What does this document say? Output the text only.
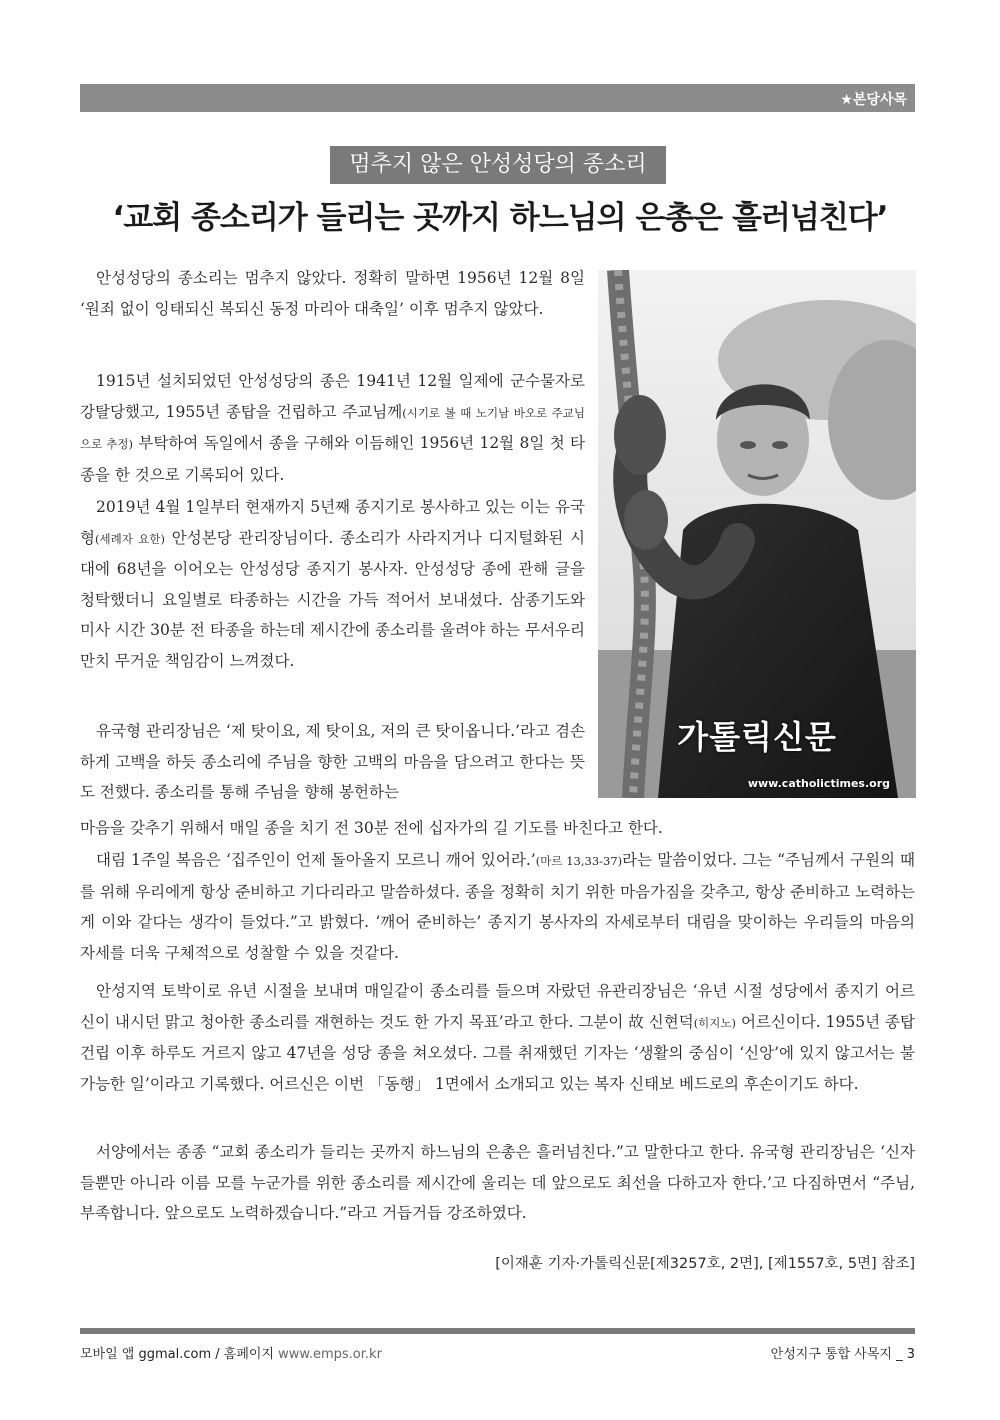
★본당사목
멈추지 않은 안성성당의 종소리
‘교회 종소리가 들리는 곳까지 하느님의 은총은 흘러넘친다’

안성성당의 종소리는 멈추지 않았다. 정확히 말하면 1956년 12월 8일 ‘원죄 없이 잉태되신 복되신 동정 마리아 대축일’ 이후 멈추지 않았다.

1915년 설치되었던 안성성당의 종은 1941년 12월 일제에 군수물자로 강탈당했고, 1955년 종탑을 건립하고 주교님께(시기로 볼 때 노기남 바오로 주교님으로 추정) 부탁하여 독일에서 종을 구해와 이듬해인 1956년 12월 8일 첫 타종을 한 것으로 기록되어 있다.

2019년 4월 1일부터 현재까지 5년째 종지기로 봉사하고 있는 이는 유국형(세례자 요한) 안성본당 관리장님이다. 종소리가 사라지거나 디지털화된 시대에 68년을 이어오는 안성성당 종지기 봉사자. 안성성당 종에 관해 글을 청탁했더니 요일별로 타종하는 시간을 가득 적어서 보내셨다. 삼종기도와 미사 시간 30분 전 타종을 하는데 제시간에 종소리를 울려야 하는 무서우리만치 무거운 책임감이 느껴졌다.

유국형 관리장님은 ‘제 탓이요, 제 탓이요, 저의 큰 탓이옵니다.’라고 겸손하게 고백을 하듯 종소리에 주님을 향한 고백의 마음을 담으려고 한다는 뜻도 전했다. 종소리를 통해 주님을 향해 봉헌하는

마음을 갖추기 위해서 매일 종을 치기 전 30분 전에 십자가의 길 기도를 바친다고 한다.

대림 1주일 복음은 ‘집주인이 언제 돌아올지 모르니 깨어 있어라.’(마르 13,33-37)라는 말씀이었다. 그는 “주님께서 구원의 때를 위해 우리에게 항상 준비하고 기다리라고 말씀하셨다. 종을 정확히 치기 위한 마음가짐을 갖추고, 항상 준비하고 노력하는 게 이와 같다는 생각이 들었다.”고 밝혔다. ‘깨어 준비하는’ 종지기 봉사자의 자세로부터 대림을 맞이하는 우리들의 마음의 자세를 더욱 구체적으로 성찰할 수 있을 것같다.

안성지역 토박이로 유년 시절을 보내며 매일같이 종소리를 들으며 자랐던 유관리장님은 ‘유년 시절 성당에서 종지기 어르신이 내시던 맑고 청아한 종소리를 재현하는 것도 한 가지 목표’라고 한다. 그분이 故 신현덕(히지노) 어르신이다. 1955년 종탑 건립 이후 하루도 거르지 않고 47년을 성당 종을 쳐오셨다. 그를 취재했던 기자는 ‘생활의 중심이 ‘신앙’에 있지 않고서는 불가능한 일’이라고 기록했다. 어르신은 이번 「동행」 1면에서 소개되고 있는 복자 신태보 베드로의 후손이기도 하다.

서양에서는 종종 “교회 종소리가 들리는 곳까지 하느님의 은총은 흘러넘친다.”고 말한다고 한다. 유국형 관리장님은 ‘신자들뿐만 아니라 이름 모를 누군가를 위한 종소리를 제시간에 울리는 데 앞으로도 최선을 다하고자 한다.’고 다짐하면서 “주님, 부족합니다. 앞으로도 노력하겠습니다.”라고 거듭거듭 강조하였다.

가톨릭신문
www.catholictimes.org
[이재훈 기자·가톨릭신문[제3257호, 2면], [제1557호, 5면] 참조]
모바일 앱 ggmal.com / 홈페이지 www.emps.or.kr	안성지구 통합 사목지 _ 3
